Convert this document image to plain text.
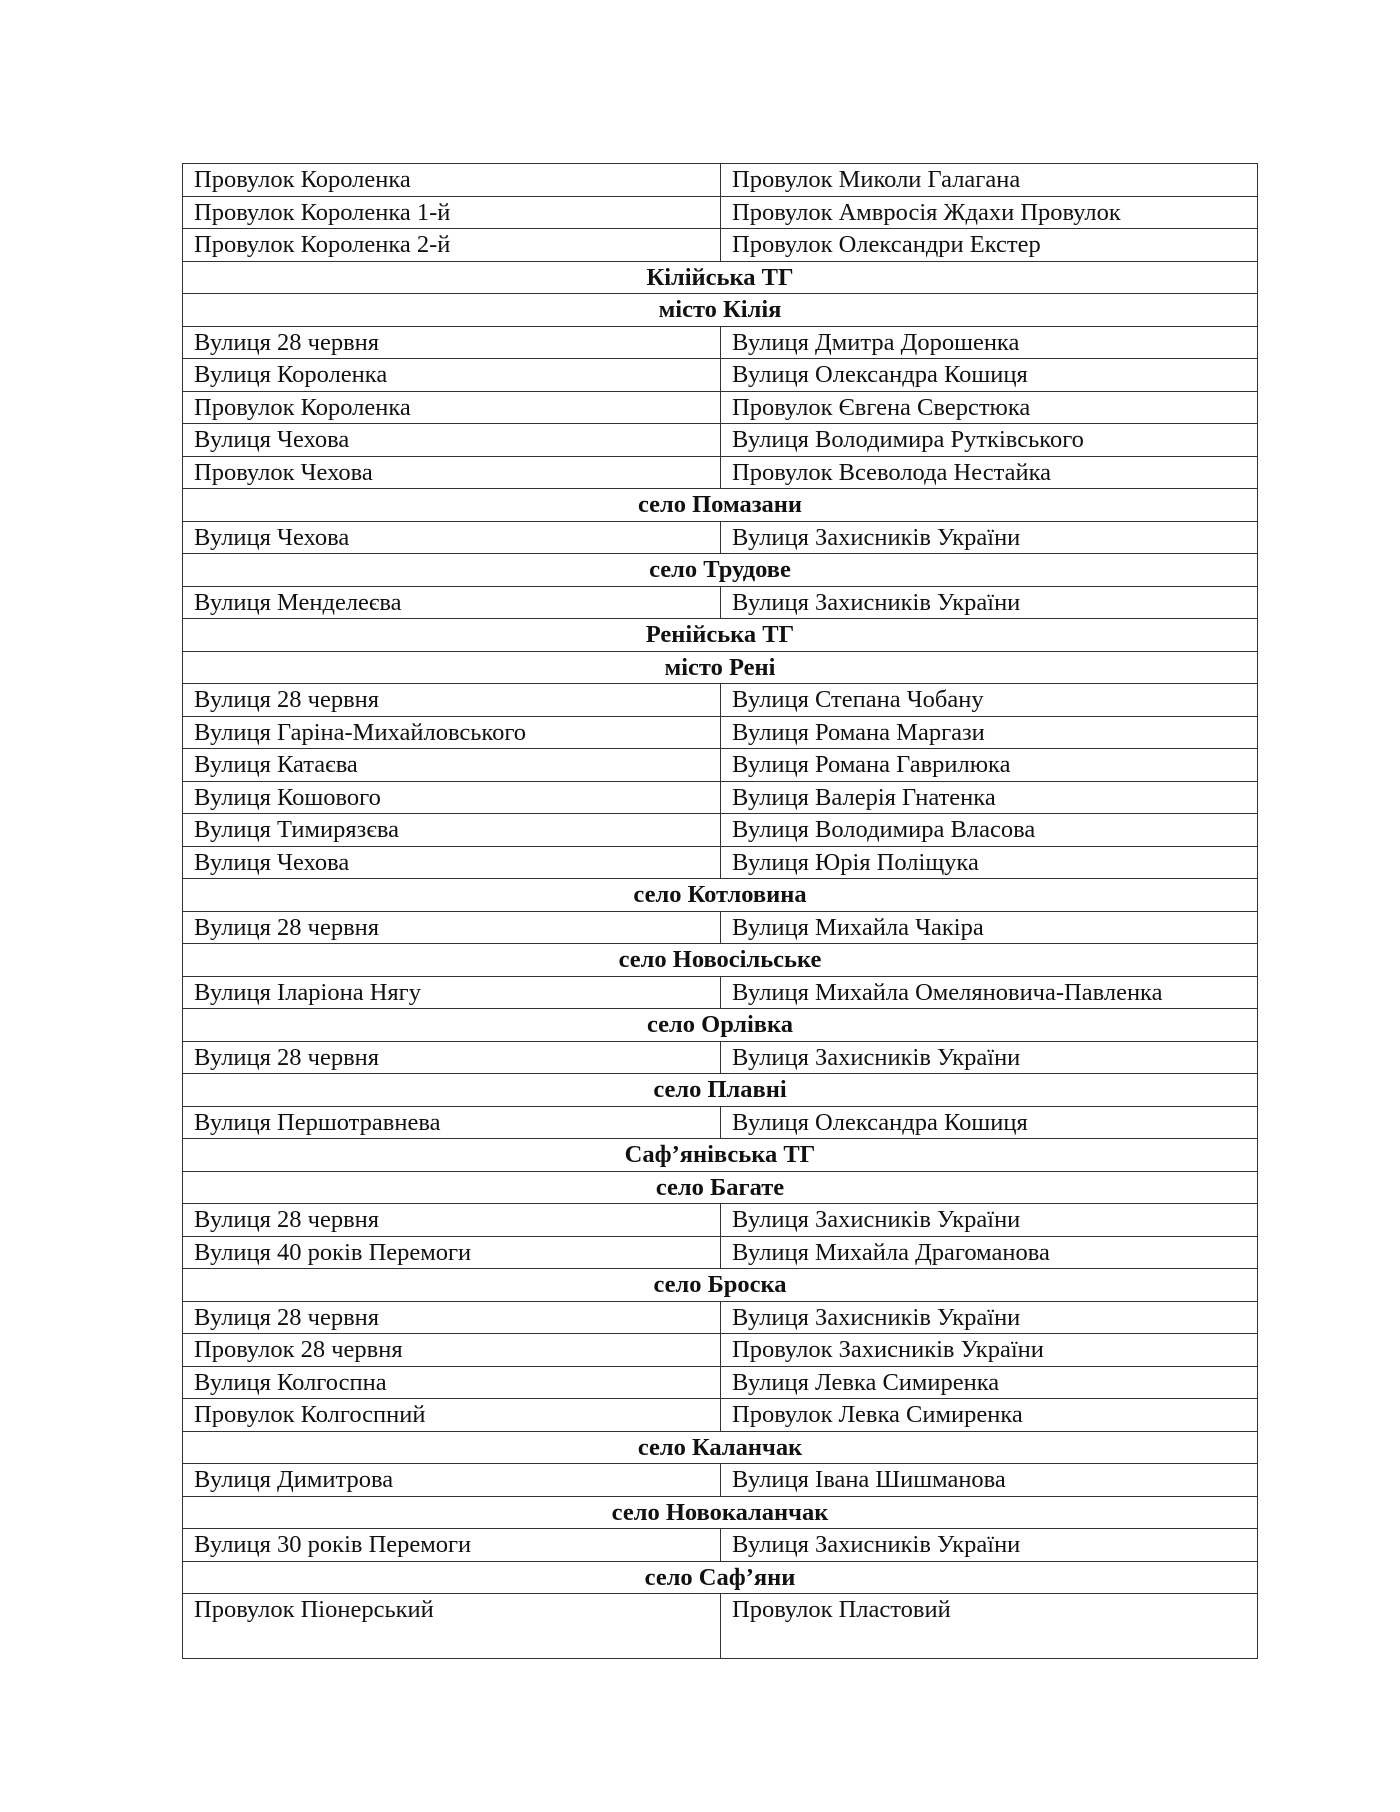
Провулок Короленка	Провулок Миколи Галагана
Провулок Короленка 1-й	Провулок Амвросія Ждахи Провулок
Провулок Короленка 2-й	Провулок Олександри Екстер
Кілійська ТГ	
місто Кілія	
Вулиця 28 червня	Вулиця Дмитра Дорошенка
Вулиця Короленка	Вулиця Олександра Кошиця
Провулок Короленка	Провулок Євгена Сверстюка
Вулиця Чехова	Вулиця Володимира Рутківського
Провулок Чехова	Провулок Всеволода Нестайка
село Помазани	
Вулиця Чехова	Вулиця Захисників України
село Трудове	
Вулиця Менделеєва	Вулиця Захисників України
Ренійська ТГ	
місто Рені	
Вулиця 28 червня	Вулиця Степана Чобану
Вулиця Гаріна-Михайловського	Вулиця Романа Маргази
Вулиця Катаєва	Вулиця Романа Гаврилюка
Вулиця Кошового	Вулиця Валерія Гнатенка
Вулиця Тимирязєва	Вулиця Володимира Власова
Вулиця Чехова	Вулиця Юрія Поліщука
село Котловина	
Вулиця 28 червня	Вулиця Михайла Чакіра
село Новосільське	
Вулиця Іларіона Нягу	Вулиця Михайла Омеляновича-Павленка
село Орлівка	
Вулиця 28 червня	Вулиця Захисників України
село Плавні	
Вулиця Першотравнева	Вулиця Олександра Кошиця
Саф’янівська ТГ	
село Багате	
Вулиця 28 червня	Вулиця Захисників України
Вулиця 40 років Перемоги	Вулиця Михайла Драгоманова
село Броска	
Вулиця 28 червня	Вулиця Захисників України
Провулок 28 червня	Провулок Захисників України
Вулиця Колгоспна	Вулиця Левка Симиренка
Провулок Колгоспний	Провулок Левка Симиренка
село Каланчак	
Вулиця Димитрова	Вулиця Івана Шишманова
село Новокаланчак	
Вулиця 30 років Перемоги	Вулиця Захисників України
село Саф’яни	
Провулок Піонерський	Провулок Пластовий
